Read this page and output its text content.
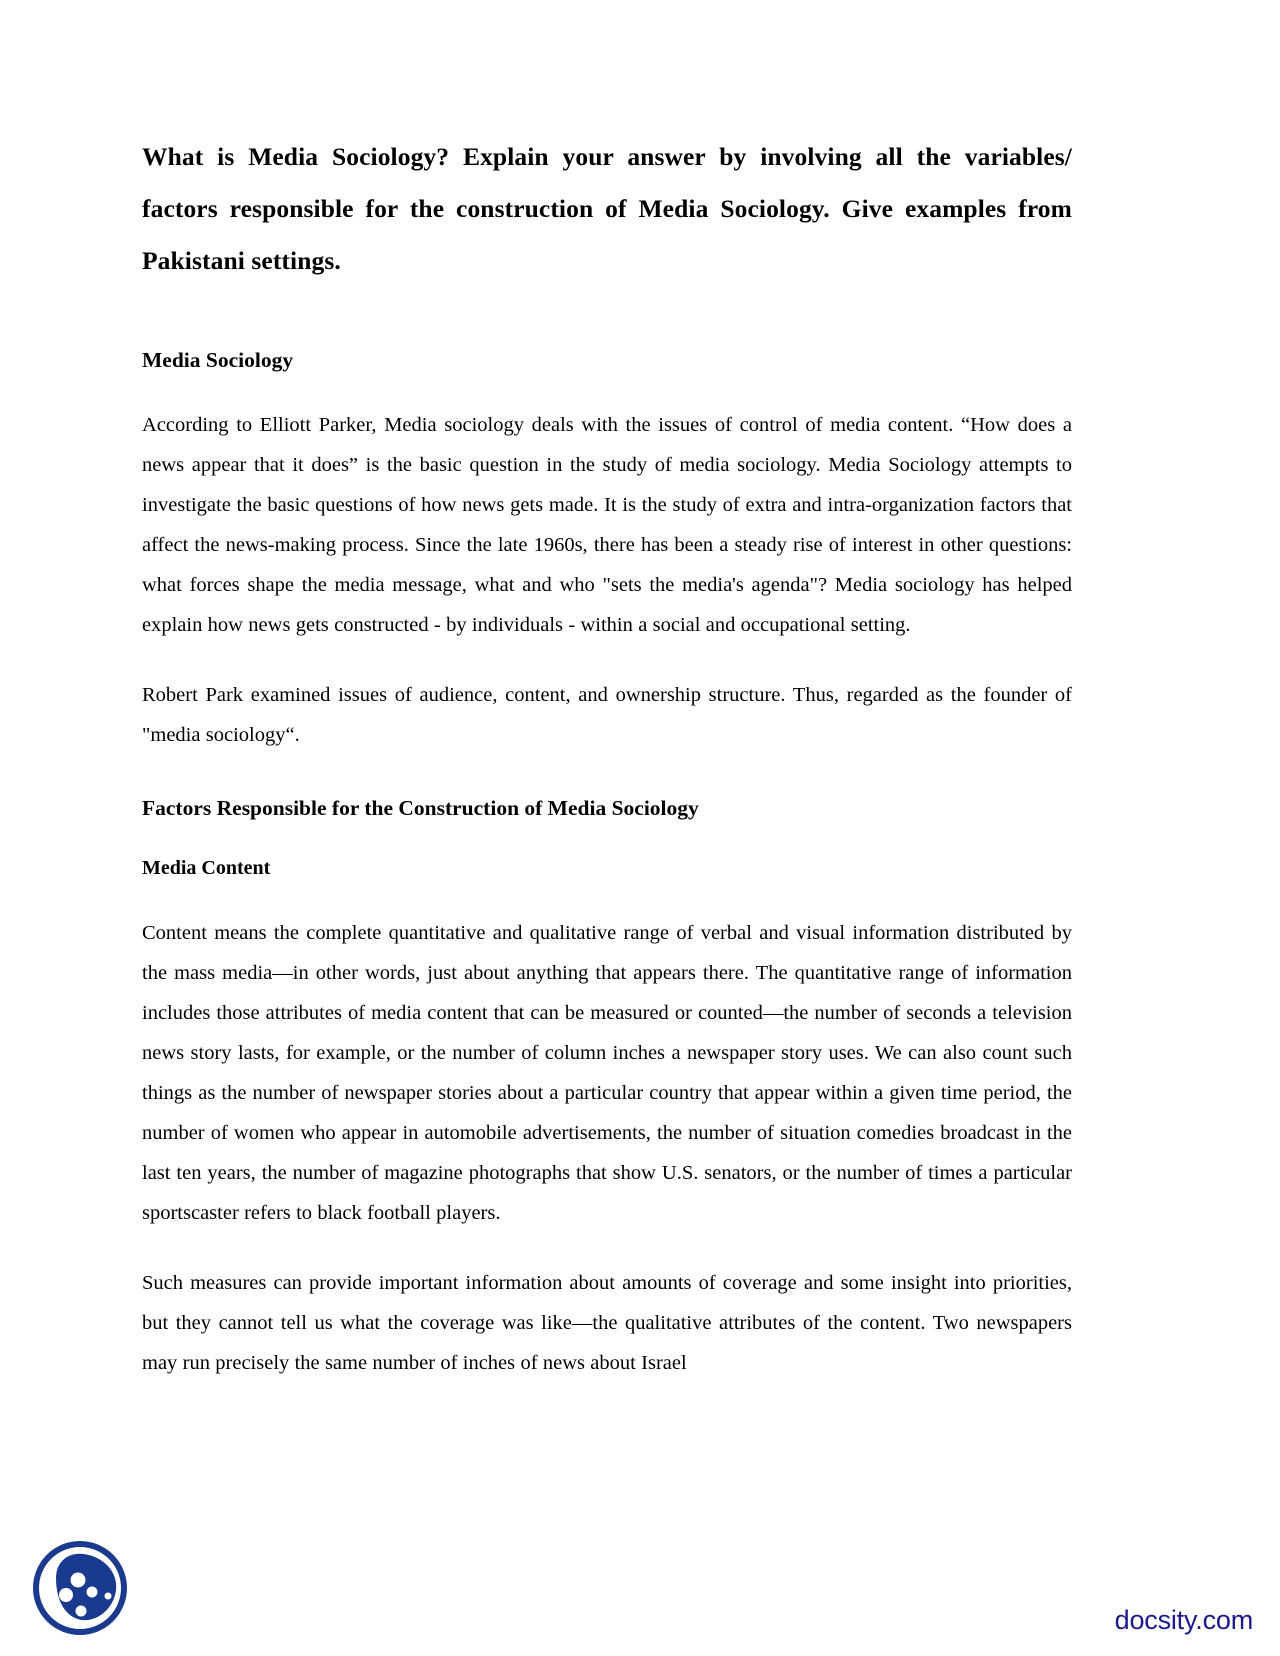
What is Media Sociology? Explain your answer by involving all the variables/ factors responsible for the construction of Media Sociology. Give examples from Pakistani settings.
Media Sociology

According to Elliott Parker, Media sociology deals with the issues of control of media content. “How does a news appear that it does” is the basic question in the study of media sociology. Media Sociology attempts to investigate the basic questions of how news gets made. It is the study of extra and intra-organization factors that affect the news-making process. Since the late 1960s, there has been a steady rise of interest in other questions: what forces shape the media message, what and who "sets the media's agenda"? Media sociology has helped explain how news gets constructed - by individuals - within a social and occupational setting.

Robert Park examined issues of audience, content, and ownership structure. Thus, regarded as the founder of "media sociology“.

Factors Responsible for the Construction of Media Sociology
Media Content

Content means the complete quantitative and qualitative range of verbal and visual information distributed by the mass media—in other words, just about anything that appears there. The quantitative range of information includes those attributes of media content that can be measured or counted—the number of seconds a television news story lasts, for example, or the number of column inches a newspaper story uses. We can also count such things as the number of newspaper stories about a particular country that appear within a given time period, the number of women who appear in automobile advertisements, the number of situation comedies broadcast in the last ten years, the number of magazine photographs that show U.S. senators, or the number of times a particular sportscaster refers to black football players.

Such measures can provide important information about amounts of coverage and some insight into priorities, but they cannot tell us what the coverage was like—the qualitative attributes of the content. Two newspapers may run precisely the same number of inches of news about Israel

docsity.com
